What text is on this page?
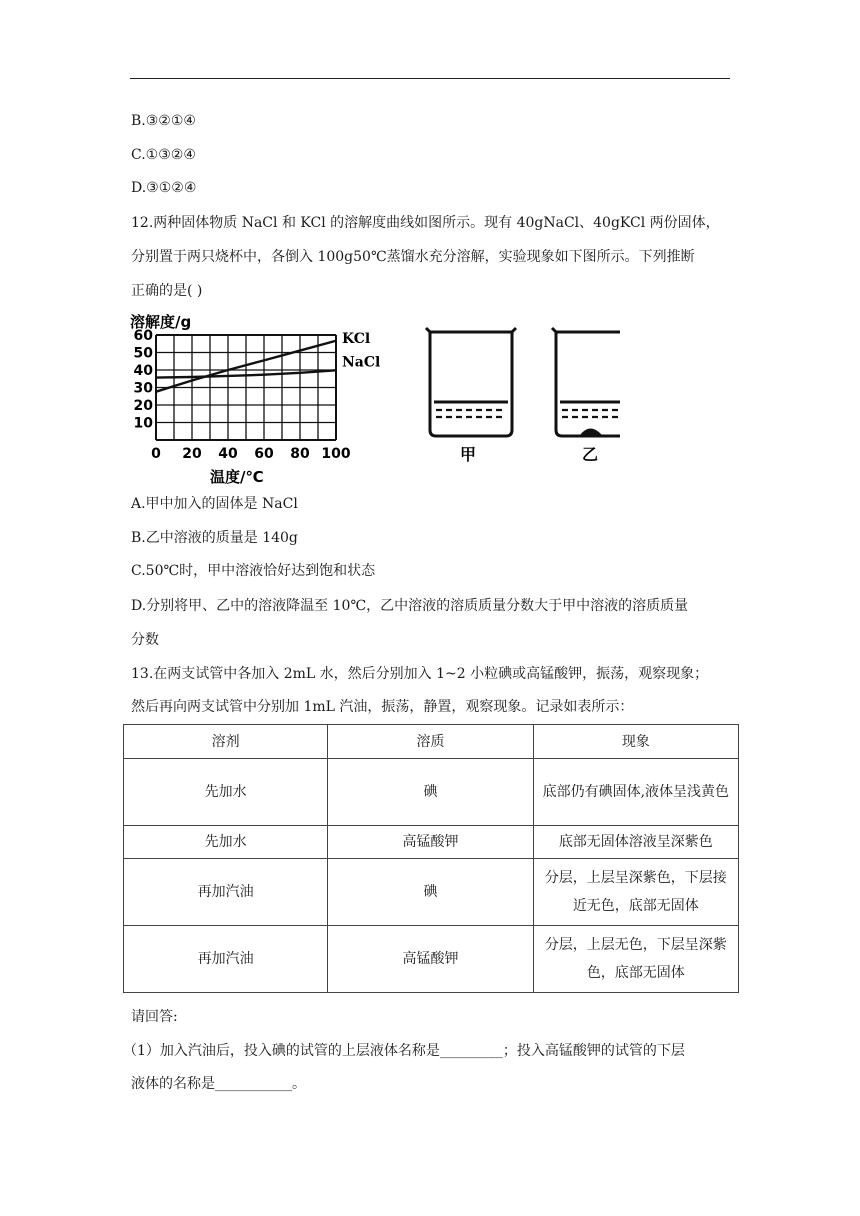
B.③②①④
C.①③②④
D.③①②④
12.两种固体物质 NaCl 和 KCl 的溶解度曲线如图所示。现有 40gNaCl、40gKCl 两份固体，
分别置于两只烧杯中，各倒入 100g50℃蒸馏水充分溶解，实验现象如下图所示。下列推断
正确的是( )
溶解度/g
0 20 40 60 80 100
10
20
30
40
50
60	KCl
NaCl
温度/℃
甲	乙
A.甲中加入的固体是 NaCl
B.乙中溶液的质量是 140g
C.50℃时，甲中溶液恰好达到饱和状态
D.分别将甲、乙中的溶液降温至 10℃，乙中溶液的溶质质量分数大于甲中溶液的溶质质量
分数
13.在两支试管中各加入 2mL 水，然后分别加入 1~2 小粒碘或高锰酸钾，振荡，观察现象；
然后再向两支试管中分别加 1mL 汽油，振荡，静置，观察现象。记录如表所示：
溶剂	溶质	现象
先加水	碘	底部仍有碘固体,液体呈浅黄色
先加水	高锰酸钾	底部无固体溶液呈深紫色
再加汽油	碘	分层，上层呈深紫色，下层接近无色，底部无固体
再加汽油	高锰酸钾	分层，上层无色，下层呈深紫色，底部无固体
请回答:
（1）加入汽油后，投入碘的试管的上层液体名称是_________；投入高锰酸钾的试管的下层
液体的名称是___________。
